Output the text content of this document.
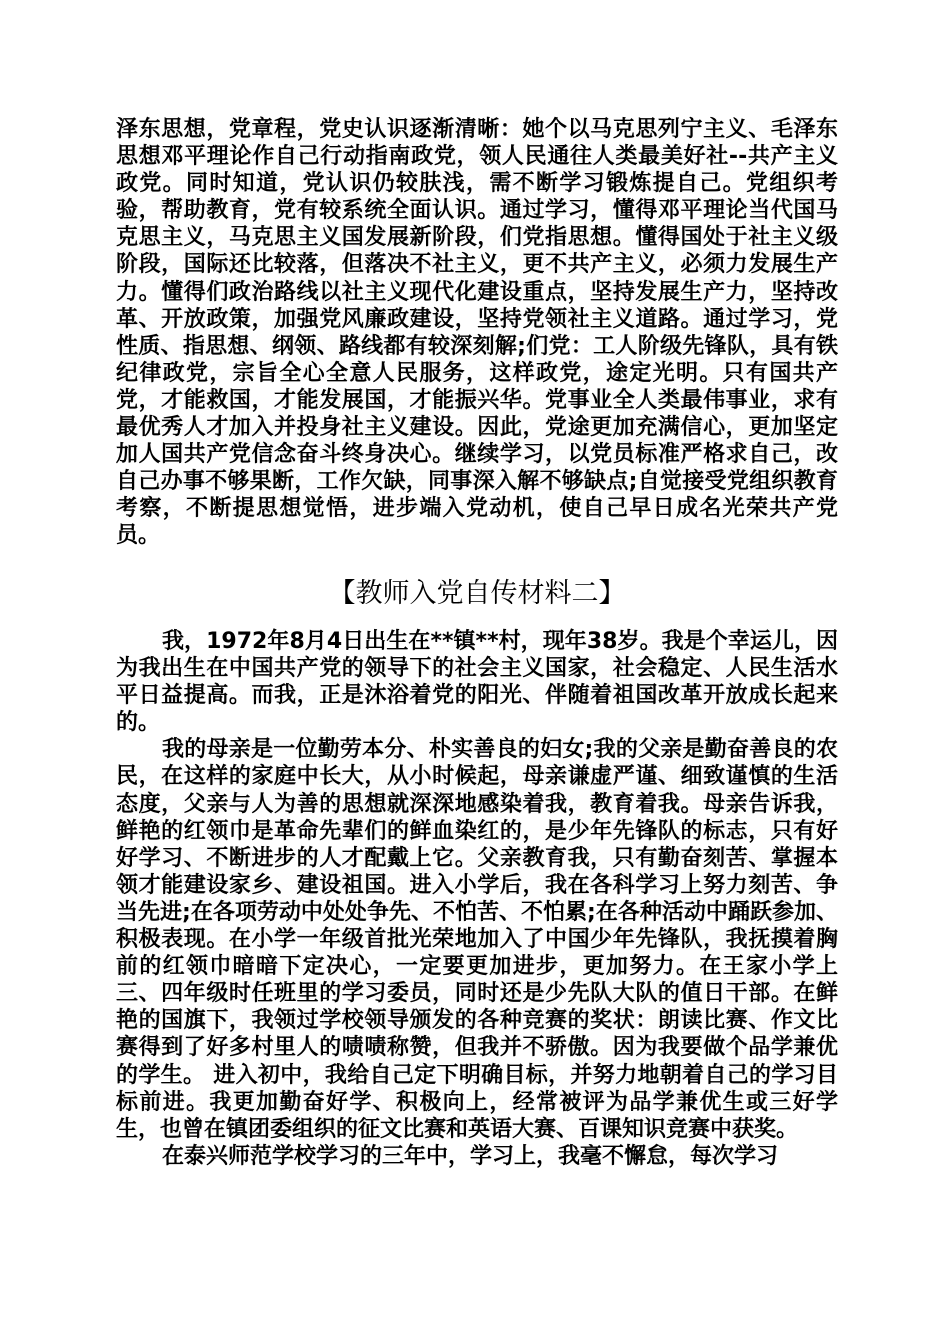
泽东思想，党章程，党史认识逐渐清晰：她个以马克思列宁主义、毛泽东思想邓平理论作自己行动指南政党，领人民通往人类最美好社--共产主义政党。同时知道，党认识仍较肤浅，需不断学习锻炼提自己。党组织考验，帮助教育，党有较系统全面认识。通过学习，懂得邓平理论当代国马克思主义，马克思主义国发展新阶段，们党指思想。懂得国处于社主义级阶段，国际还比较落，但落决不社主义，更不共产主义，必须力发展生产力。懂得们政治路线以社主义现代化建设重点，坚持发展生产力，坚持改革、开放政策，加强党风廉政建设，坚持党领社主义道路。通过学习，党性质、指思想、纲领、路线都有较深刻解;们党：工人阶级先锋队，具有铁纪律政党，宗旨全心全意人民服务，这样政党，途定光明。只有国共产党，才能救国，才能发展国，才能振兴华。党事业全人类最伟事业，求有最优秀人才加入并投身社主义建设。因此，党途更加充满信心，更加坚定加人国共产党信念奋斗终身决心。继续学习，以党员标准严格求自己，改自己办事不够果断，工作欠缺，同事深入解不够缺点;自觉接受党组织教育考察，不断提思想觉悟，进步端入党动机，使自己早日成名光荣共产党员。

【教师入党自传材料二】

我，1972年8月4日出生在**镇**村，现年38岁。我是个幸运儿，因为我出生在中国共产党的领导下的社会主义国家，社会稳定、人民生活水平日益提高。而我，正是沐浴着党的阳光、伴随着祖国改革开放成长起来的。

我的母亲是一位勤劳本分、朴实善良的妇女;我的父亲是勤奋善良的农民，在这样的家庭中长大，从小时候起，母亲谦虚严谨、细致谨慎的生活态度，父亲与人为善的思想就深深地感染着我，教育着我。母亲告诉我，鲜艳的红领巾是革命先辈们的鲜血染红的，是少年先锋队的标志，只有好好学习、不断进步的人才配戴上它。父亲教育我，只有勤奋刻苦、掌握本领才能建设家乡、建设祖国。进入小学后，我在各科学习上努力刻苦、争当先进;在各项劳动中处处争先、不怕苦、不怕累;在各种活动中踊跃参加、积极表现。在小学一年级首批光荣地加入了中国少年先锋队，我抚摸着胸前的红领巾暗暗下定决心，一定要更加进步，更加努力。在王家小学上三、四年级时任班里的学习委员，同时还是少先队大队的值日干部。在鲜艳的国旗下，我领过学校领导颁发的各种竞赛的奖状：朗读比赛、作文比赛得到了好多村里人的啧啧称赞，但我并不骄傲。因为我要做个品学兼优的学生。 进入初中，我给自己定下明确目标，并努力地朝着自己的学习目标前进。我更加勤奋好学、积极向上，经常被评为品学兼优生或三好学生，也曾在镇团委组织的征文比赛和英语大赛、百课知识竞赛中获奖。

在泰兴师范学校学习的三年中，学习上，我毫不懈怠，每次学习
